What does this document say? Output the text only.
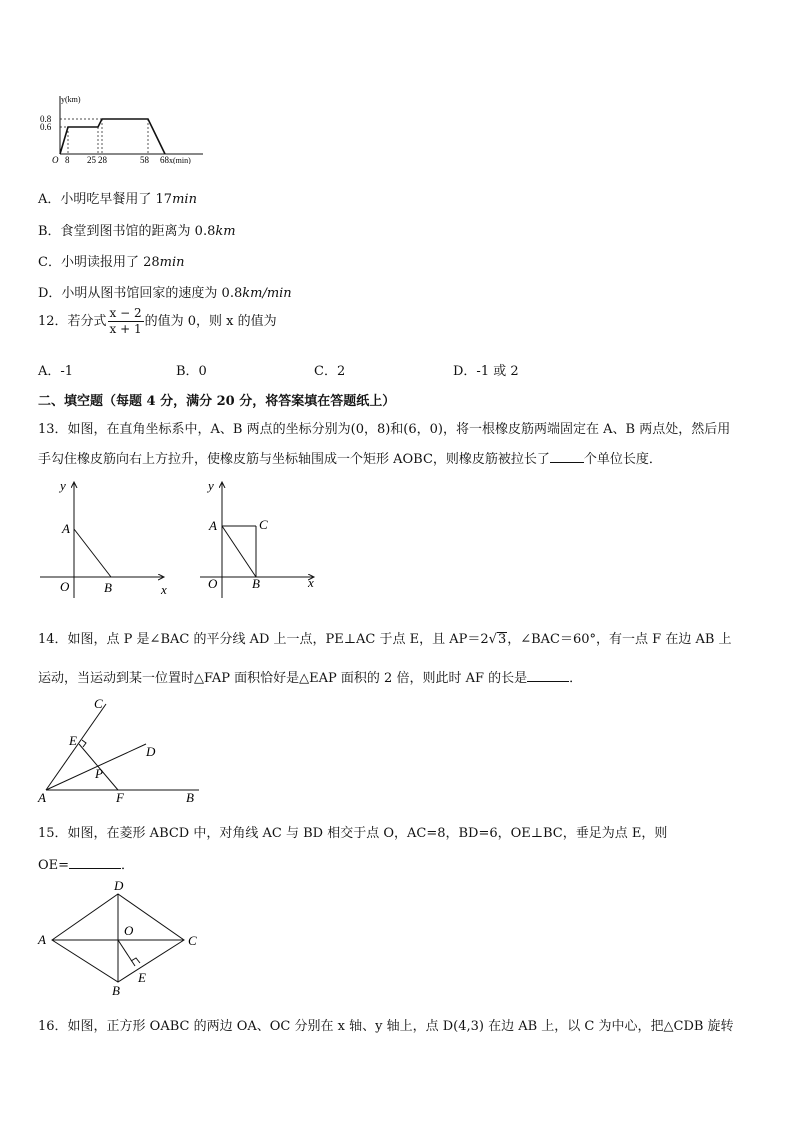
y(km)
0.8
0.6
O 8 25 28	58 68 x(min)
A．小明吃早餐用了 17min
B．食堂到图书馆的距离为 0.8km
C．小明读报用了 28min
D．小明从图书馆回家的速度为 0.8km/min
12．若分式 $\frac{x - 2}{x + 1}$ 的值为 0，则 x 的值为
A．-1	B．0	C．2	D．-1 或 2
二、填空题（每题 4 分，满分 20 分，将答案填在答题纸上）
13．如图，在直角坐标系中，A、B 两点的坐标分别为(0，8)和(6，0)，将一根橡皮筋两端固定在 A、B 两点处，然后用
手勾住橡皮筋向右上方拉升，使橡皮筋与坐标轴围成一个矩形 AOBC，则橡皮筋被拉长了	个单位长度．
y
x
A
O	B
y
x
A	C
O	B
14．如图，点 P 是∠BAC 的平分线 AD 上一点，PE⊥AC 于点 E，且 AP＝2√3，∠BAC＝60°，有一点 F 在边 AB 上
运动，当运动到某一位置时△FAP 面积恰好是△EAP 面积的 2 倍，则此时 AF 的长是	．
A	B
C
D
E
F
P
15．如图，在菱形 ABCD 中，对角线 AC 与 BD 相交于点 O，AC=8，BD=6，OE⊥BC，垂足为点 E，则
OE=	．
A	C
D
B
O
E
16．如图，正方形 OABC 的两边 OA、OC 分别在 x 轴、y 轴上，点 D(4,3) 在边 AB 上，以 C 为中心，把△CDB 旋转
